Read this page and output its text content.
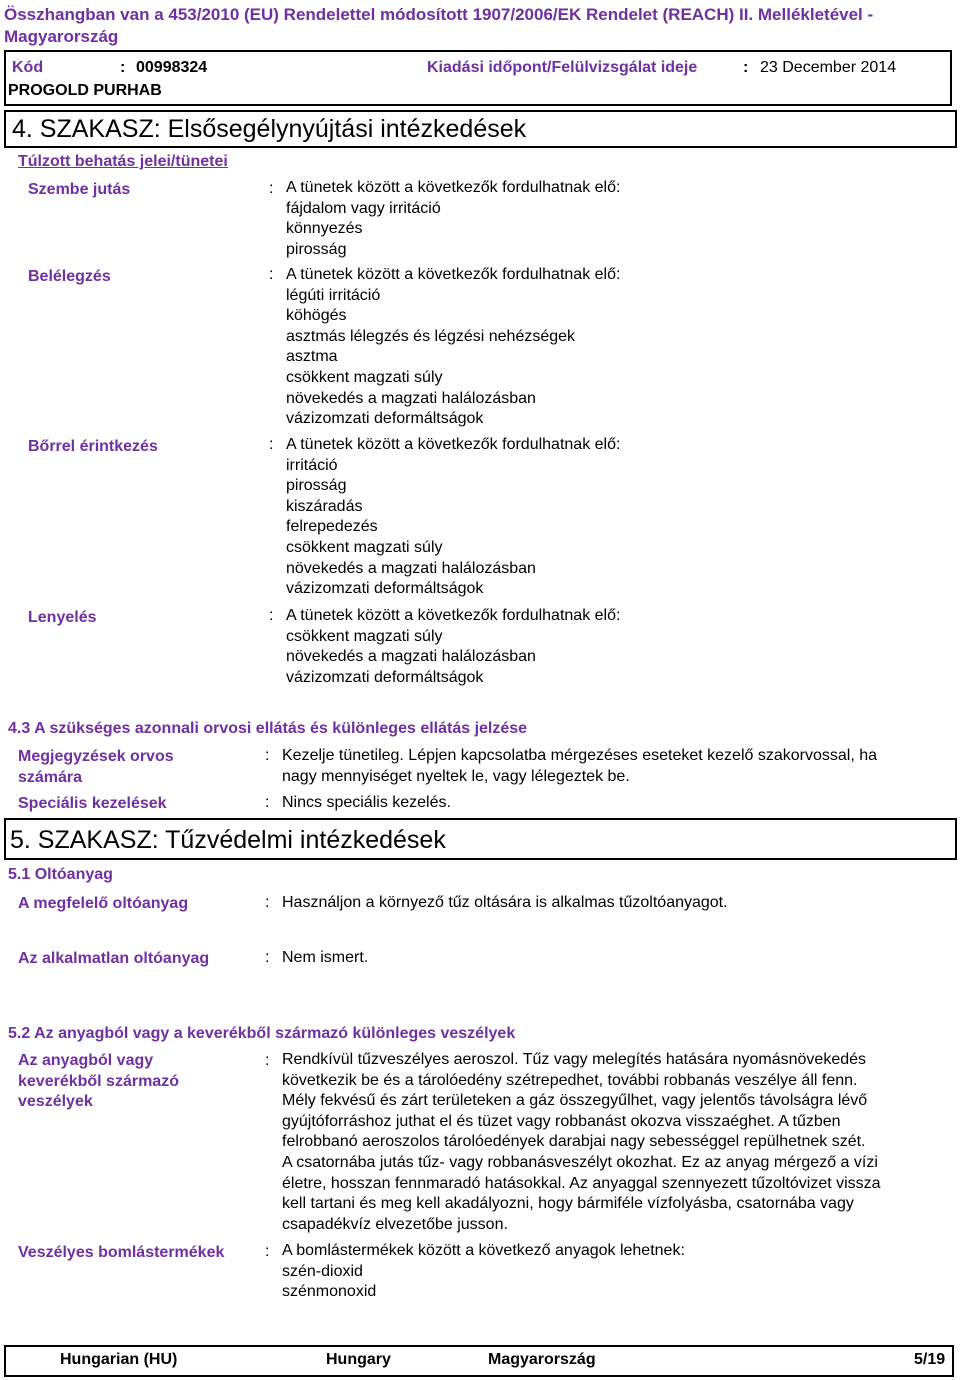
Összhangban van a 453/2010 (EU) Rendelettel módosított 1907/2006/EK Rendelet (REACH) II. Mellékletével -
Magyarország
Kód	: 00998324	Kiadási időpont/Felülvizsgálat ideje	: 23 December 2014
PROGOLD PURHAB
4. SZAKASZ: Elsősegélynyújtási intézkedések
Túlzott behatás jelei/tünetei
Szembe jutás	: A tünetek között a következők fordulhatnak elő:
fájdalom vagy irritáció
könnyezés
pirosság
Belélegzés	: A tünetek között a következők fordulhatnak elő:
légúti irritáció
köhögés
asztmás lélegzés és légzési nehézségek
asztma
csökkent magzati súly
növekedés a magzati halálozásban
vázizomzati deformáltságok
Bőrrel érintkezés	: A tünetek között a következők fordulhatnak elő:
irritáció
pirosság
kiszáradás
felrepedezés
csökkent magzati súly
növekedés a magzati halálozásban
vázizomzati deformáltságok
Lenyelés	: A tünetek között a következők fordulhatnak elő:
csökkent magzati súly
növekedés a magzati halálozásban
vázizomzati deformáltságok
4.3 A szükséges azonnali orvosi ellátás és különleges ellátás jelzése
Megjegyzések orvos
számára
: Kezelje tünetileg. Lépjen kapcsolatba mérgezéses eseteket kezelő szakorvossal, ha
nagy mennyiséget nyeltek le, vagy lélegeztek be.
Speciális kezelések	: Nincs speciális kezelés.
5. SZAKASZ: Tűzvédelmi intézkedések
5.1 Oltóanyag
A megfelelő oltóanyag	: Használjon a környező tűz oltására is alkalmas tűzoltóanyagot.
Az alkalmatlan oltóanyag	: Nem ismert.
5.2 Az anyagból vagy a keverékből származó különleges veszélyek
Az anyagból vagy
keverékből származó
veszélyek
: Rendkívül tűzveszélyes aeroszol. Tűz vagy melegítés hatására nyomásnövekedés
következik be és a tárolóedény szétrepedhet, további robbanás veszélye áll fenn.
Mély fekvésű és zárt területeken a gáz összegyűlhet, vagy jelentős távolságra lévő
gyújtóforráshoz juthat el és tüzet vagy robbanást okozva visszaéghet. A tűzben
felrobbanó aeroszolos tárolóedények darabjai nagy sebességgel repülhetnek szét.
A csatornába jutás tűz- vagy robbanásveszélyt okozhat. Ez az anyag mérgező a vízi
életre, hosszan fennmaradó hatásokkal. Az anyaggal szennyezett tűzoltóvizet vissza
kell tartani és meg kell akadályozni, hogy bármiféle vízfolyásba, csatornába vagy
csapadékvíz elvezetőbe jusson.
Veszélyes bomlástermékek	: A bomlástermékek között a következő anyagok lehetnek:
szén-dioxid
szénmonoxid
Hungarian (HU)	Hungary	Magyarország	5/19
